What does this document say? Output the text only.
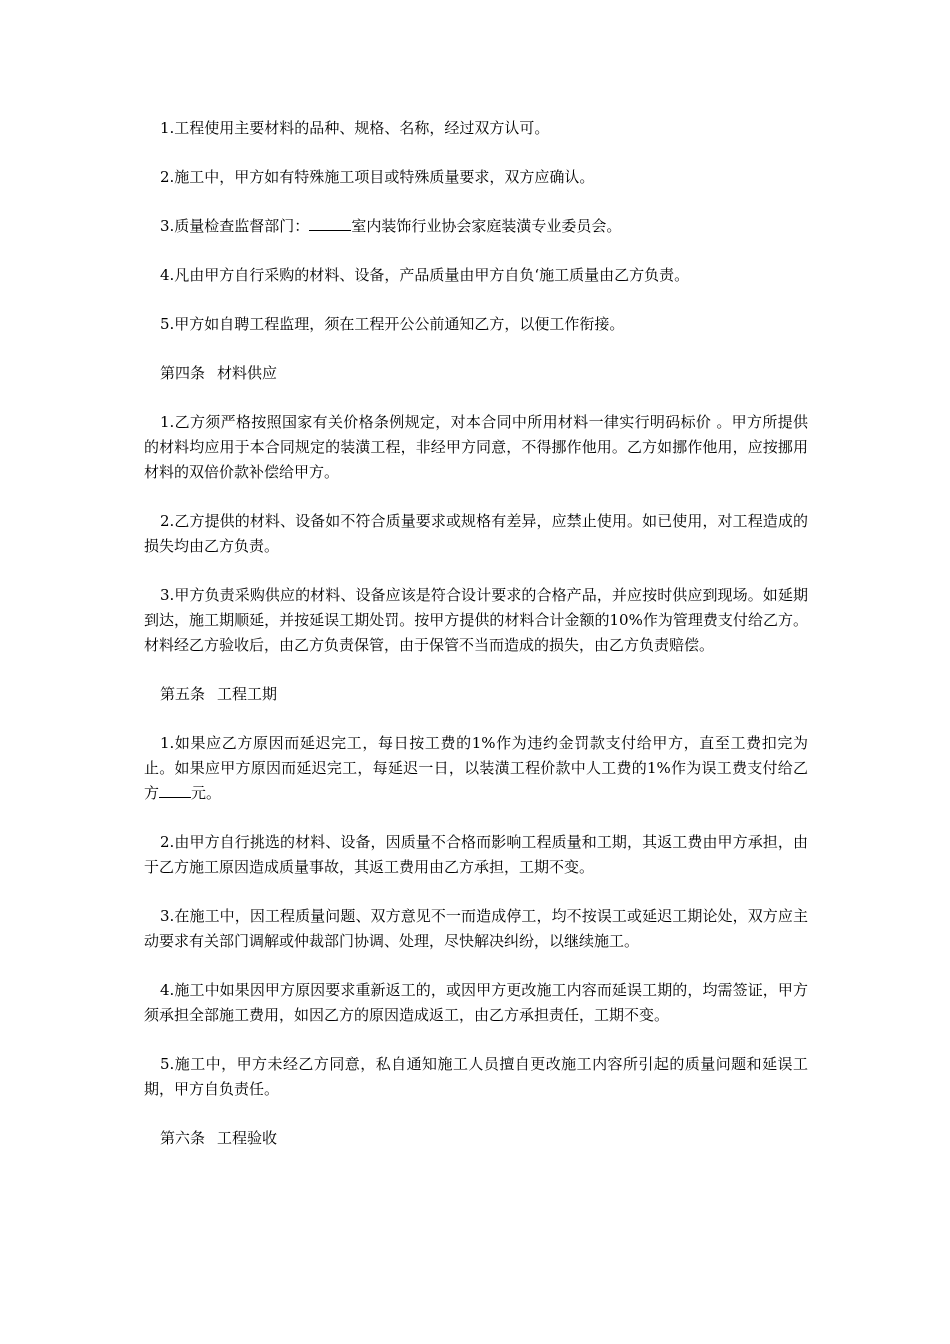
1.工程使用主要材料的品种、规格、名称，经过双方认可。

2.施工中，甲方如有特殊施工项目或特殊质量要求，双方应确认。

3.质量检查监督部门：	室内装饰行业协会家庭装潢专业委员会。

4.凡由甲方自行采购的材料、设备，产品质量由甲方自负‘施工质量由乙方负责。

5.甲方如自聘工程监理，须在工程开公公前通知乙方，以便工作衔接。

第四条 材料供应

1.乙方须严格按照国家有关价格条例规定，对本合同中所用材料一律实行明码标价 。甲方所提供的材料均应用于本合同规定的装潢工程，非经甲方同意，不得挪作他用。乙方如挪作他用，应按挪用材料的双倍价款补偿给甲方。

2.乙方提供的材料、设备如不符合质量要求或规格有差异，应禁止使用。如已使用，对工程造成的损失均由乙方负责。

3.甲方负责采购供应的材料、设备应该是符合设计要求的合格产品，并应按时供应到现场。如延期到达，施工期顺延，并按延误工期处罚。按甲方提供的材料合计金额的10%作为管理费支付给乙方。材料经乙方验收后，由乙方负责保管，由于保管不当而造成的损失，由乙方负责赔偿。

第五条 工程工期

1.如果应乙方原因而延迟完工，每日按工费的1%作为违约金罚款支付给甲方，直至工费扣完为止。如果应甲方原因而延迟完工，每延迟一日，以装潢工程价款中人工费的1%作为误工费支付给乙方 元。

2.由甲方自行挑选的材料、设备，因质量不合格而影响工程质量和工期，其返工费由甲方承担，由于乙方施工原因造成质量事故，其返工费用由乙方承担，工期不变。

3.在施工中，因工程质量问题、双方意见不一而造成停工，均不按误工或延迟工期论处，双方应主动要求有关部门调解或仲裁部门协调、处理，尽快解决纠纷，以继续施工。

4.施工中如果因甲方原因要求重新返工的，或因甲方更改施工内容而延误工期的，均需签证，甲方须承担全部施工费用，如因乙方的原因造成返工，由乙方承担责任，工期不变。

5.施工中，甲方未经乙方同意，私自通知施工人员擅自更改施工内容所引起的质量问题和延误工期，甲方自负责任。

第六条 工程验收
